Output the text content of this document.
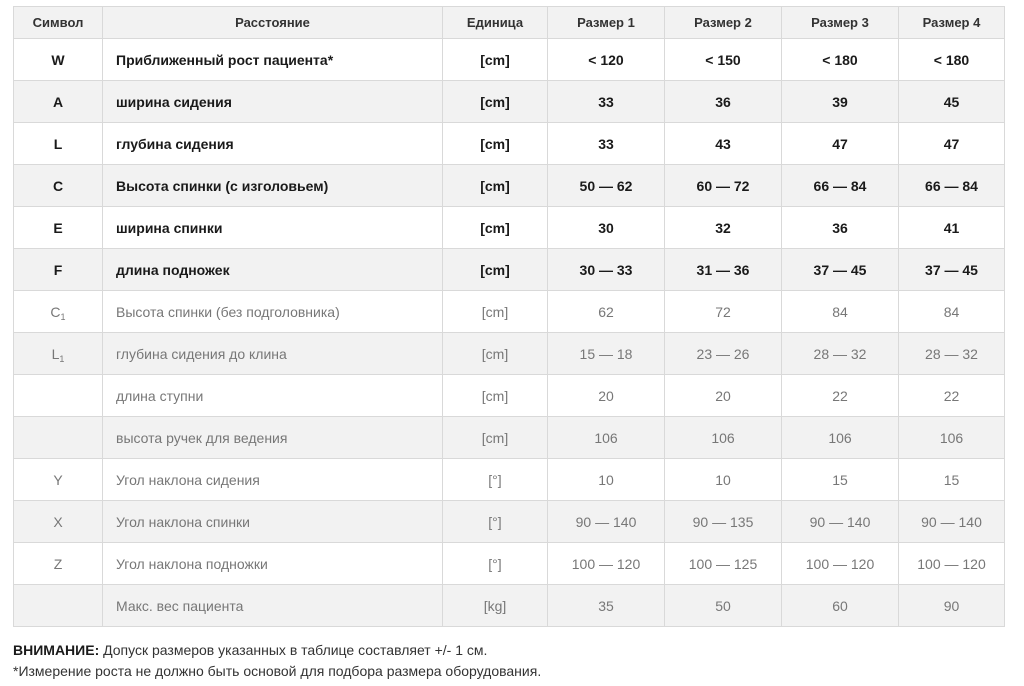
Символ	Расстояние	Единица	Размер 1	Размер 2	Размер 3	Размер 4
W	Приближенный рост пациента*	[cm]	< 120	< 150	< 180	< 180
A	ширина сидения	[cm]	33	36	39	45
L	глубина сидения	[cm]	33	43	47	47
C	Высота спинки (с изголовьем)	[cm]	50 — 62	60 — 72	66 — 84	66 — 84
E	ширина спинки	[cm]	30	32	36	41
F	длина подножек	[cm]	30 — 33	31 — 36	37 — 45	37 — 45
$C_1$	Высота спинки (без подголовника)	[cm]	62	72	84	84
$L_1$	глубина сидения до клина	[cm]	15 — 18	23 — 26	28 — 32	28 — 32
	длина ступни	[cm]	20	20	22	22
	высота ручек для ведения	[cm]	106	106	106	106
Y	Угол наклона сидения	[°]	10	10	15	15
X	Угол наклона спинки	[°]	90 — 140	90 — 135	90 — 140	90 — 140
Z	Угол наклона подножки	[°]	100 — 120	100 — 125	100 — 120	100 — 120
	Макс. вес пациента	[kg]	35	50	60	90
ВНИМАНИЕ: Допуск размеров указанных в таблице составляет +/- 1 см.
*Измерение роста не должно быть основой для подбора размера оборудования.
